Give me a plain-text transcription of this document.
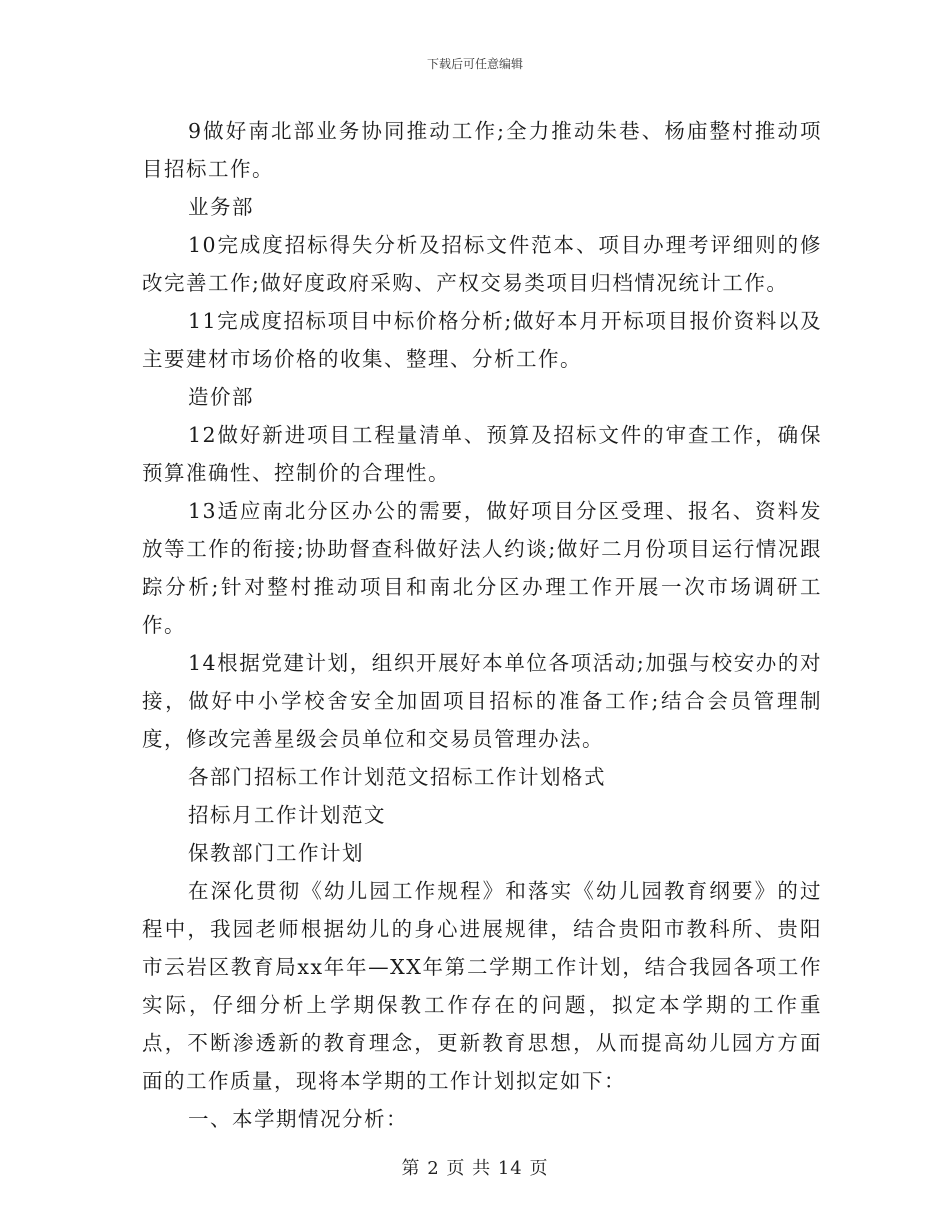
下载后可任意编辑

9做好南北部业务协同推动工作;全力推动朱巷、杨庙整村推动项目招标工作。

业务部

10完成度招标得失分析及招标文件范本、项目办理考评细则的修改完善工作;做好度政府采购、产权交易类项目归档情况统计工作。

11完成度招标项目中标价格分析;做好本月开标项目报价资料以及主要建材市场价格的收集、整理、分析工作。

造价部

12做好新进项目工程量清单、预算及招标文件的审查工作，确保预算准确性、控制价的合理性。

13适应南北分区办公的需要，做好项目分区受理、报名、资料发放等工作的衔接;协助督查科做好法人约谈;做好二月份项目运行情况跟踪分析;针对整村推动项目和南北分区办理工作开展一次市场调研工作。

14根据党建计划，组织开展好本单位各项活动;加强与校安办的对接，做好中小学校舍安全加固项目招标的准备工作;结合会员管理制度，修改完善星级会员单位和交易员管理办法。

各部门招标工作计划范文招标工作计划格式

招标月工作计划范文

保教部门工作计划

在深化贯彻《幼儿园工作规程》和落实《幼儿园教育纲要》的过程中，我园老师根据幼儿的身心进展规律，结合贵阳市教科所、贵阳市云岩区教育局xx年年—XX年第二学期工作计划，结合我园各项工作实际，仔细分析上学期保教工作存在的问题，拟定本学期的工作重点，不断渗透新的教育理念，更新教育思想，从而提高幼儿园方方面面的工作质量，现将本学期的工作计划拟定如下：

一、本学期情况分析：

第 2 页 共 14 页
